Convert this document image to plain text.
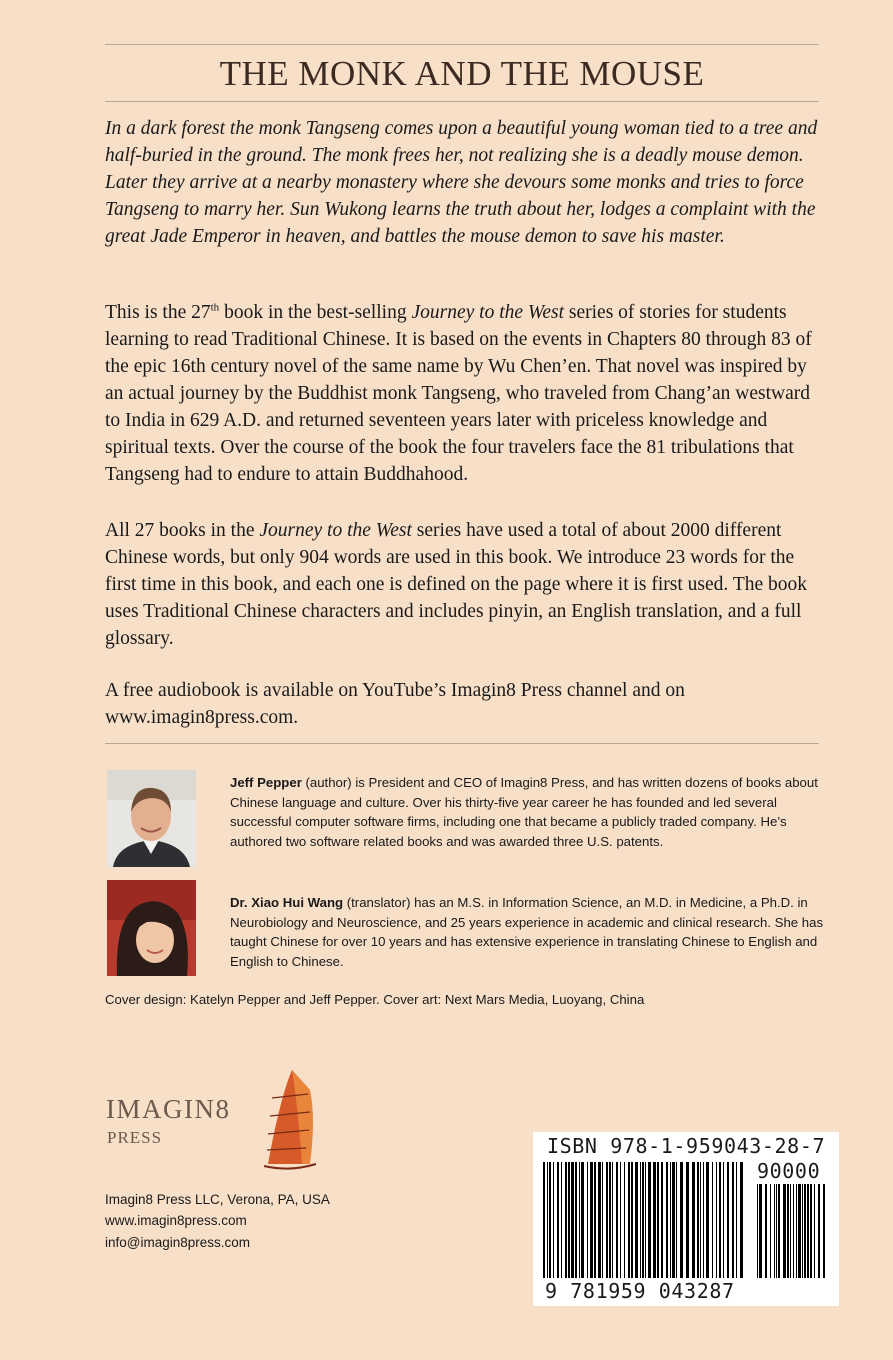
THE MONK AND THE MOUSE

In a dark forest the monk Tangseng comes upon a beautiful young woman tied to a tree and half-buried in the ground. The monk frees her, not realizing she is a deadly mouse demon. Later they arrive at a nearby monastery where she devours some monks and tries to force Tangseng to marry her. Sun Wukong learns the truth about her, lodges a complaint with the great Jade Emperor in heaven, and battles the mouse demon to save his master.

This is the 27th book in the best-selling Journey to the West series of stories for students learning to read Traditional Chinese. It is based on the events in Chapters 80 through 83 of the epic 16th century novel of the same name by Wu Chen’en. That novel was inspired by an actual journey by the Buddhist monk Tangseng, who traveled from Chang’an westward to India in 629 A.D. and returned seventeen years later with priceless knowledge and spiritual texts. Over the course of the book the four travelers face the 81 tribulations that Tangseng had to endure to attain Buddhahood.

All 27 books in the Journey to the West series have used a total of about 2000 different Chinese words, but only 904 words are used in this book. We introduce 23 words for the first time in this book, and each one is defined on the page where it is first used. The book uses Traditional Chinese characters and includes pinyin, an English translation, and a full glossary.

A free audiobook is available on YouTube’s Imagin8 Press channel and on www.imagin8press.com.

Jeff Pepper (author) is President and CEO of Imagin8 Press, and has written dozens of books about Chinese language and culture. Over his thirty-five year career he has founded and led several successful computer software firms, including one that became a publicly traded company. He’s authored two software related books and was awarded three U.S. patents.

Dr. Xiao Hui Wang (translator) has an M.S. in Information Science, an M.D. in Medicine, a Ph.D. in Neurobiology and Neuroscience, and 25 years experience in academic and clinical research. She has taught Chinese for over 10 years and has extensive experience in translating Chinese to English and English to Chinese.

Cover design: Katelyn Pepper and Jeff Pepper. Cover art: Next Mars Media, Luoyang, China

IMAGIN8

PRESS

Imagin8 Press LLC, Verona, PA, USA

www.imagin8press.com

info@imagin8press.com

ISBN 978-1-959043-28-7

90000

9 781959 043287
